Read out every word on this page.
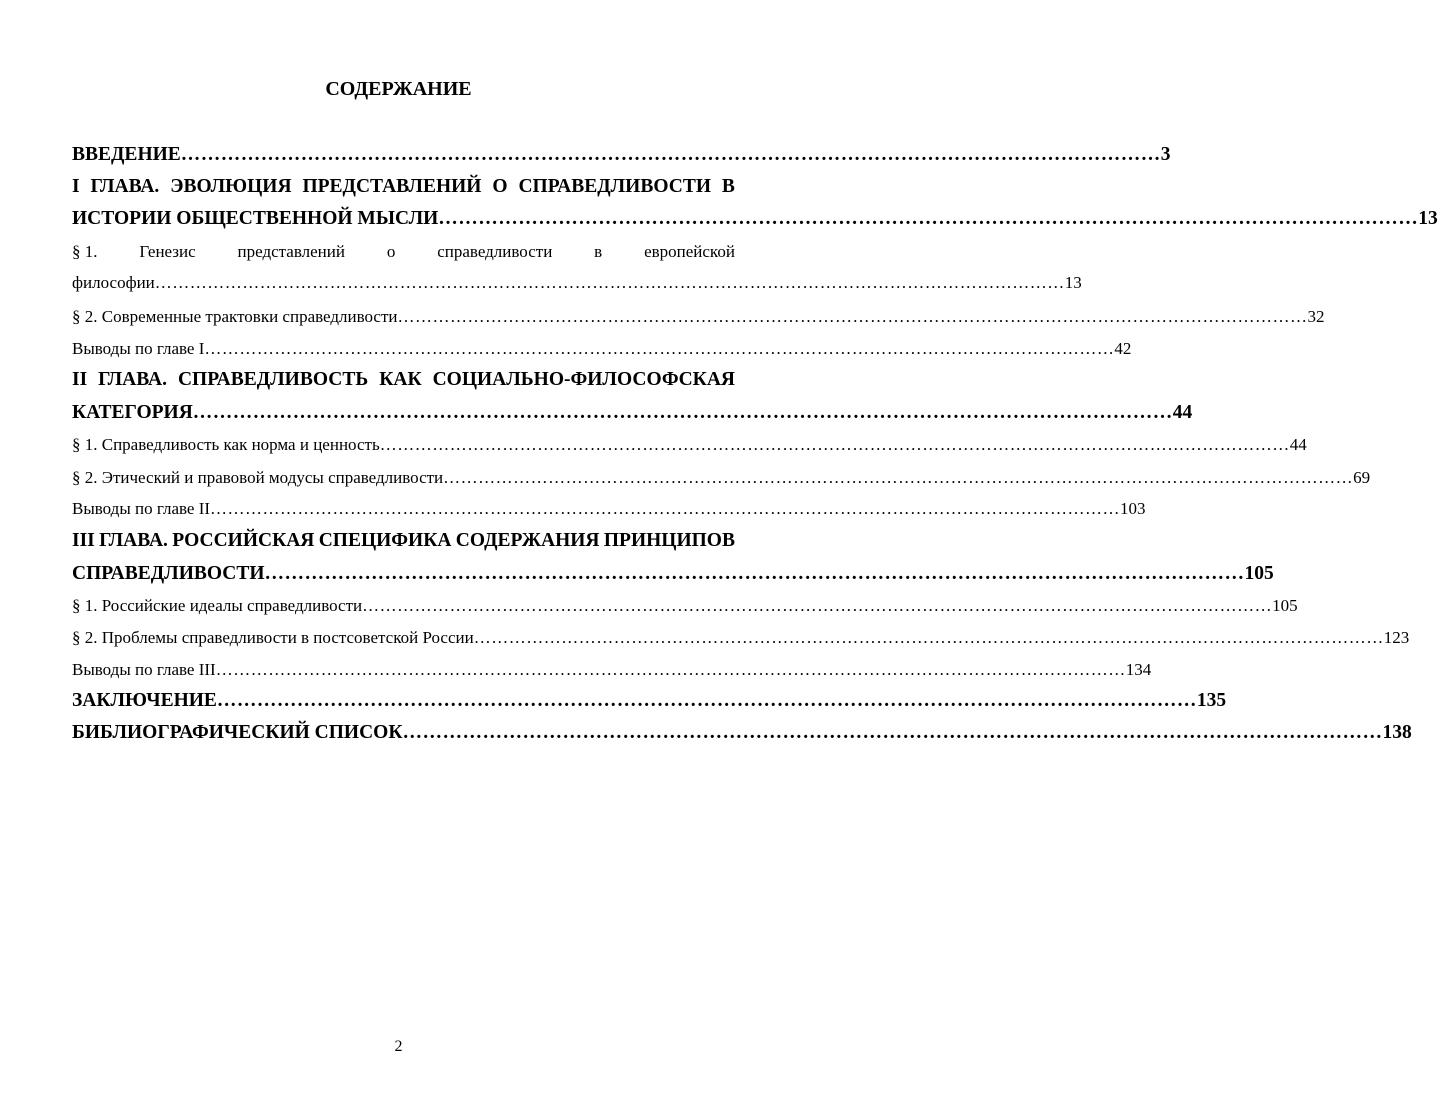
СОДЕРЖАНИЕ
ВВЕДЕНИЕ ………………………………………………………………………………………………………………………………… 3
I ГЛАВА. ЭВОЛЮЦИЯ ПРЕДСТАВЛЕНИЙ О СПРАВЕДЛИВОСТИ В
ИСТОРИИ ОБЩЕСТВЕННОЙ МЫСЛИ ………………………………………………………………………………………………………………………………… 13
§ 1. Генезис представлений о справедливости в европейской
философии ………………………………………………………………………………………………………………………………………… 13
§ 2. Современные трактовки справедливости ………………………………………………………………………………………………………………………………………… 32
Выводы по главе I ………………………………………………………………………………………………………………………………………… 42
II ГЛАВА. СПРАВЕДЛИВОСТЬ КАК СОЦИАЛЬНО-ФИЛОСОФСКАЯ
КАТЕГОРИЯ ………………………………………………………………………………………………………………………………… 44
§ 1. Справедливость как норма и ценность ………………………………………………………………………………………………………………………………………… 44
§ 2. Этический и правовой модусы справедливости ………………………………………………………………………………………………………………………………………… 69
Выводы по главе II ………………………………………………………………………………………………………………………………………… 103
III ГЛАВА. РОССИЙСКАЯ СПЕЦИФИКА СОДЕРЖАНИЯ ПРИНЦИПОВ
СПРАВЕДЛИВОСТИ ………………………………………………………………………………………………………………………………… 105
§ 1. Российские идеалы справедливости ………………………………………………………………………………………………………………………………………… 105
§ 2. Проблемы справедливости в постсоветской России ………………………………………………………………………………………………………………………………………… 123
Выводы по главе III ………………………………………………………………………………………………………………………………………… 134
ЗАКЛЮЧЕНИЕ ………………………………………………………………………………………………………………………………… 135
БИБЛИОГРАФИЧЕСКИЙ СПИСОК ………………………………………………………………………………………………………………………………… 138
2
